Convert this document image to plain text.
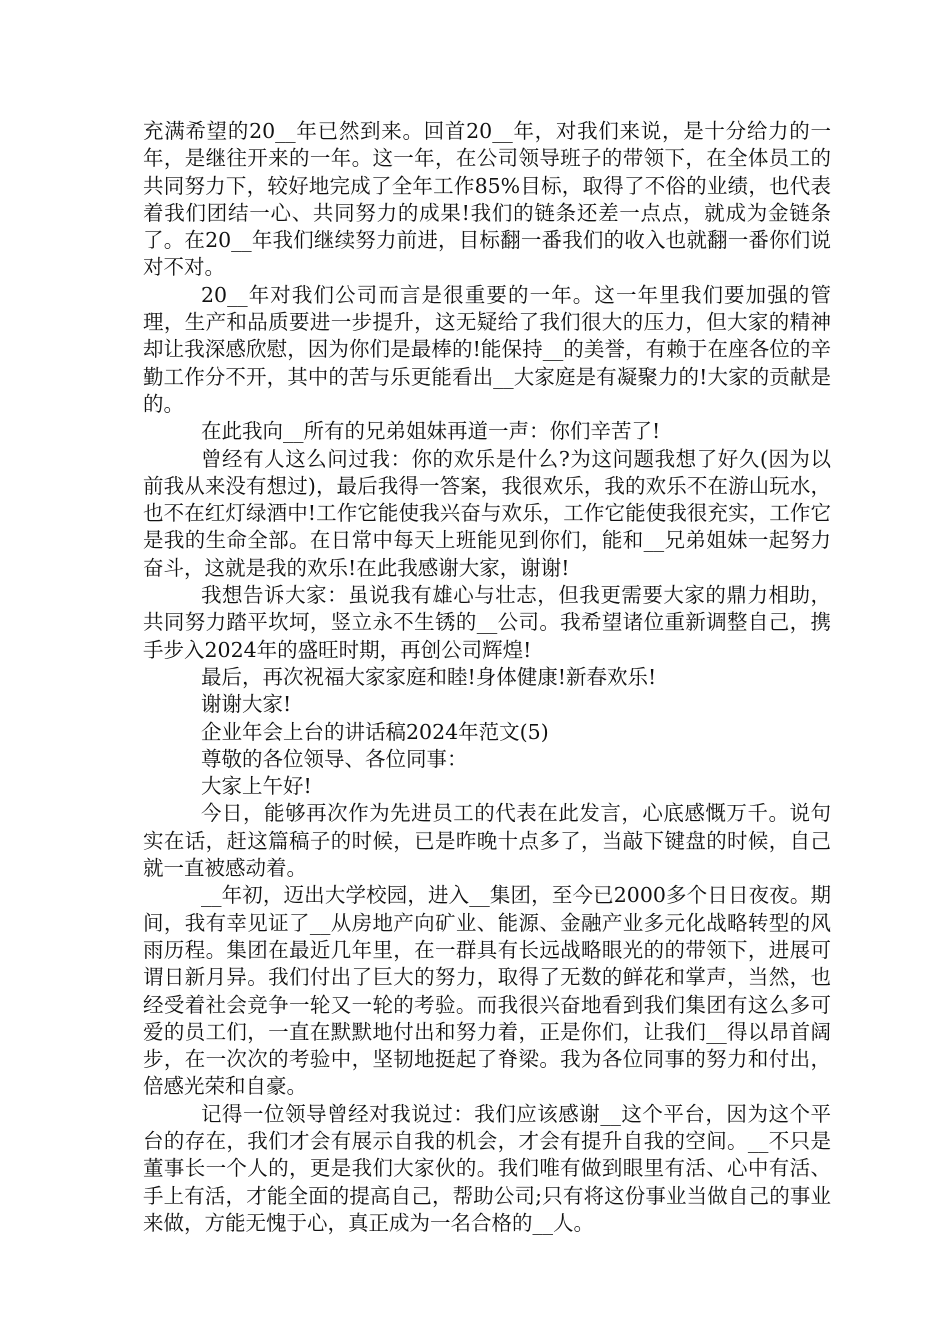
充满希望的20__年已然到来。回首20__年，对我们来说，是十分给力的一年，是继往开来的一年。这一年，在公司领导班子的带领下，在全体员工的共同努力下，较好地完成了全年工作85%目标，取得了不俗的业绩，也代表着我们团结一心、共同努力的成果!我们的链条还差一点点，就成为金链条了。在20__年我们继续努力前进，目标翻一番我们的收入也就翻一番你们说对不对。

20__年对我们公司而言是很重要的一年。这一年里我们要加强的管理，生产和品质要进一步提升，这无疑给了我们很大的压力，但大家的精神却让我深感欣慰，因为你们是最棒的!能保持__的美誉，有赖于在座各位的辛勤工作分不开，其中的苦与乐更能看出__大家庭是有凝聚力的!大家的贡献是的。

在此我向__所有的兄弟姐妹再道一声：你们辛苦了!

曾经有人这么问过我：你的欢乐是什么?为这问题我想了好久(因为以前我从来没有想过)，最后我得一答案，我很欢乐，我的欢乐不在游山玩水，也不在红灯绿酒中!工作它能使我兴奋与欢乐，工作它能使我很充实，工作它是我的生命全部。在日常中每天上班能见到你们，能和__兄弟姐妹一起努力奋斗，这就是我的欢乐!在此我感谢大家，谢谢!

我想告诉大家：虽说我有雄心与壮志，但我更需要大家的鼎力相助，共同努力踏平坎坷，竖立永不生锈的__公司。我希望诸位重新调整自己，携手步入2024年的盛旺时期，再创公司辉煌!

最后，再次祝福大家家庭和睦!身体健康!新春欢乐!

谢谢大家!

企业年会上台的讲话稿2024年范文(5)

尊敬的各位领导、各位同事：

大家上午好!

今日，能够再次作为先进员工的代表在此发言，心底感慨万千。说句实在话，赶这篇稿子的时候，已是昨晚十点多了，当敲下键盘的时候，自己就一直被感动着。

__年初，迈出大学校园，进入__集团，至今已2000多个日日夜夜。期间，我有幸见证了__从房地产向矿业、能源、金融产业多元化战略转型的风雨历程。集团在最近几年里，在一群具有长远战略眼光的的带领下，进展可谓日新月异。我们付出了巨大的努力，取得了无数的鲜花和掌声，当然，也经受着社会竞争一轮又一轮的考验。而我很兴奋地看到我们集团有这么多可爱的员工们，一直在默默地付出和努力着，正是你们，让我们__得以昂首阔步，在一次次的考验中，坚韧地挺起了脊梁。我为各位同事的努力和付出，倍感光荣和自豪。

记得一位领导曾经对我说过：我们应该感谢__这个平台，因为这个平台的存在，我们才会有展示自我的机会，才会有提升自我的空间。__不只是董事长一个人的，更是我们大家伙的。我们唯有做到眼里有活、心中有活、手上有活，才能全面的提高自己，帮助公司;只有将这份事业当做自己的事业来做，方能无愧于心，真正成为一名合格的__人。
